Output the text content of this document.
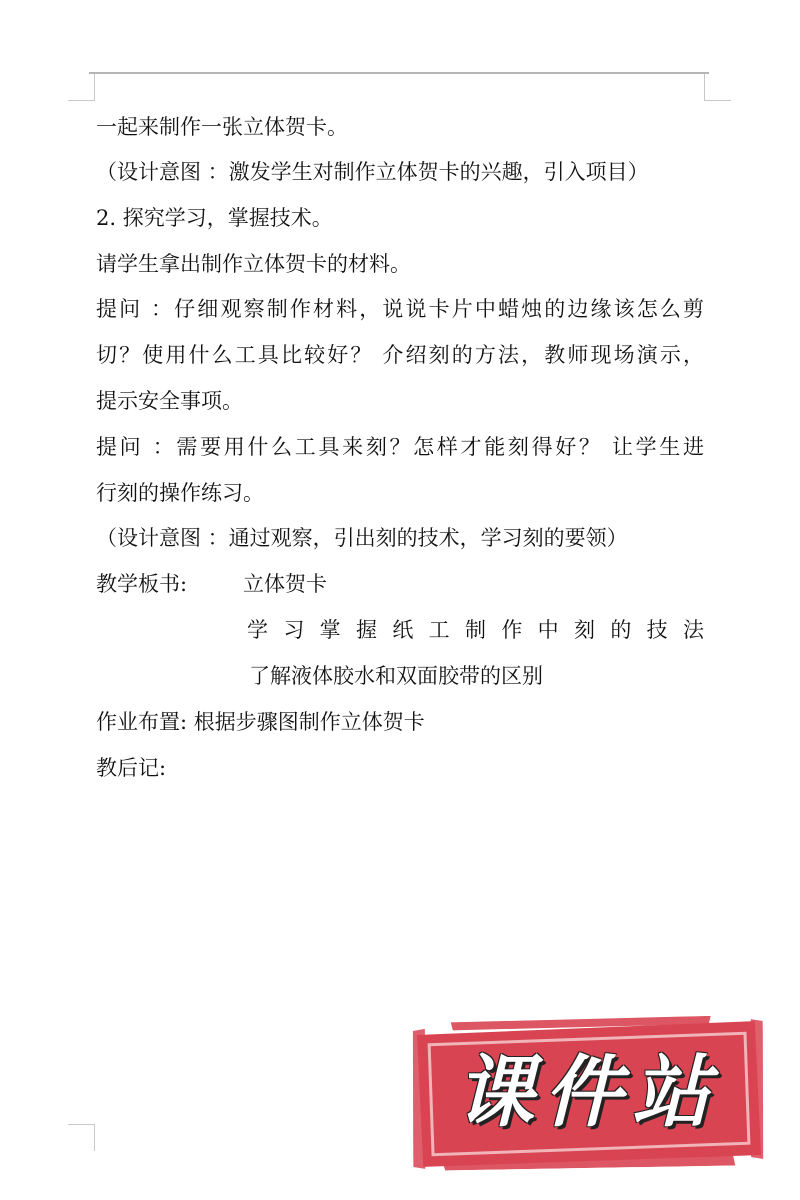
一起来制作一张立体贺卡。
（设计意图 ：激发学生对制作立体贺卡的兴趣，引入项目）
2. 探究学习，掌握技术。
请学生拿出制作立体贺卡的材料。
提问 ：仔细观察制作材料，说说卡片中蜡烛的边缘该怎么剪
切？使用什么工具比较好？ 介绍刻的方法，教师现场演示，
提示安全事项。
提问 ：需要用什么工具来刻？怎样才能刻得好？ 让学生进
行刻的操作练习。
（设计意图 ：通过观察，引出刻的技术，学习刻的要领）
教学板书:	立体贺卡
学习掌握纸工制作中刻的技法
了解液体胶水和双面胶带的区别
作业布置: 根据步骤图制作立体贺卡
教后记:
课件站
